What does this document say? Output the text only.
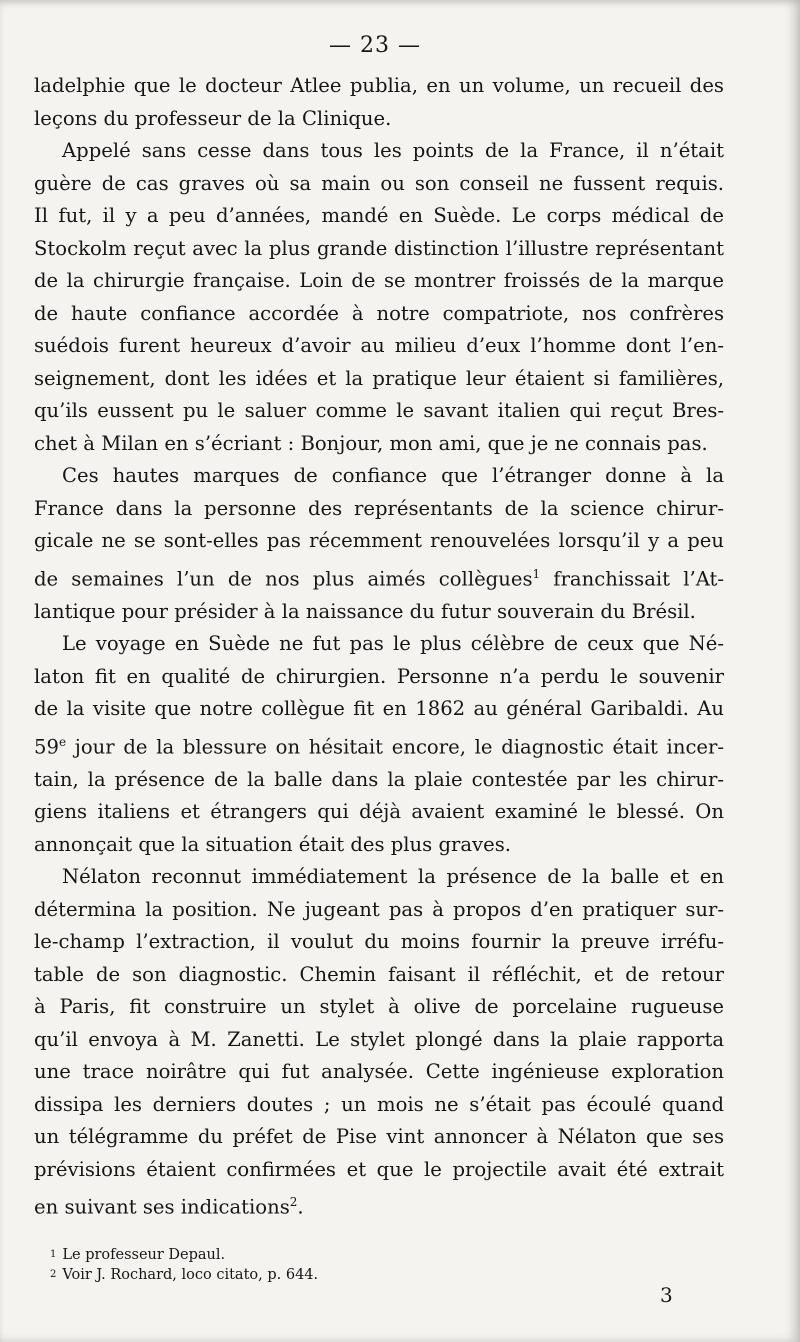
— 23 —
ladelphie que le docteur Atlee publia, en un volume, un recueil des
leçons du professeur de la Clinique.
Appelé sans cesse dans tous les points de la France, il n’était
guère de cas graves où sa main ou son conseil ne fussent requis.
Il fut, il y a peu d’années, mandé en Suède. Le corps médical de
Stockolm reçut avec la plus grande distinction l’illustre représentant
de la chirurgie française. Loin de se montrer froissés de la marque
de haute confiance accordée à notre compatriote, nos confrères
suédois furent heureux d’avoir au milieu d’eux l’homme dont l’en-
seignement, dont les idées et la pratique leur étaient si familières,
qu’ils eussent pu le saluer comme le savant italien qui reçut Bres-
chet à Milan en s’écriant : Bonjour, mon ami, que je ne connais pas.
Ces hautes marques de confiance que l’étranger donne à la
France dans la personne des représentants de la science chirur-
gicale ne se sont-elles pas récemment renouvelées lorsqu’il y a peu
de semaines l’un de nos plus aimés collègues$^1$ franchissait l’At-
lantique pour présider à la naissance du futur souverain du Brésil.
Le voyage en Suède ne fut pas le plus célèbre de ceux que Né-
laton fit en qualité de chirurgien. Personne n’a perdu le souvenir
de la visite que notre collègue fit en 1862 au général Garibaldi. Au
59e jour de la blessure on hésitait encore, le diagnostic était incer-
tain, la présence de la balle dans la plaie contestée par les chirur-
giens italiens et étrangers qui déjà avaient examiné le blessé. On
annonçait que la situation était des plus graves.
Nélaton reconnut immédiatement la présence de la balle et en
détermina la position. Ne jugeant pas à propos d’en pratiquer sur-
le-champ l’extraction, il voulut du moins fournir la preuve irréfu-
table de son diagnostic. Chemin faisant il réfléchit, et de retour
à Paris, fit construire un stylet à olive de porcelaine rugueuse
qu’il envoya à M. Zanetti. Le stylet plongé dans la plaie rapporta
une trace noirâtre qui fut analysée. Cette ingénieuse exploration
dissipa les derniers doutes ; un mois ne s’était pas écoulé quand
un télégramme du préfet de Pise vint annoncer à Nélaton que ses
prévisions étaient confirmées et que le projectile avait été extrait
en suivant ses indications$^2$.
1 Le professeur Depaul.
2 Voir J. Rochard, loco citato, p. 644.
3
